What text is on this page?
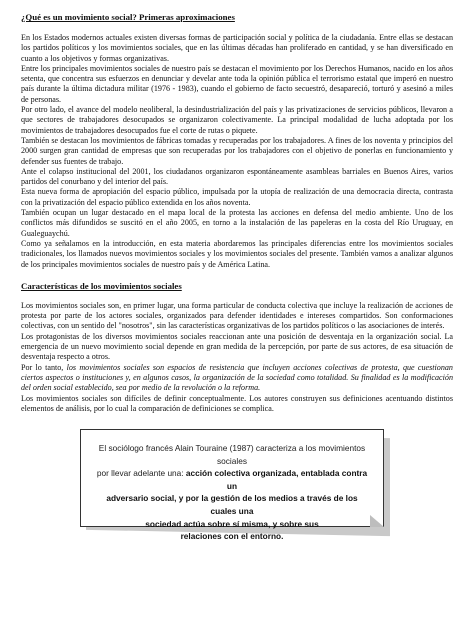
¿Qué es un movimiento social? Primeras aproximaciones

En los Estados modernos actuales existen diversas formas de participación social y política de la ciudadanía. Entre ellas se destacan los partidos políticos y los movimientos sociales, que en las últimas décadas han proliferado en cantidad, y se han diversificado en cuanto a los objetivos y formas organizativas.

Entre los principales movimientos sociales de nuestro país se destacan el movimiento por los Derechos Humanos, nacido en los años setenta, que concentra sus esfuerzos en denunciar y develar ante toda la opinión pública el terrorismo estatal que imperó en nuestro país durante la última dictadura militar (1976 - 1983), cuando el gobierno de facto secuestró, desapareció, torturó y asesinó a miles de personas.

Por otro lado, el avance del modelo neoliberal, la desindustrialización del país y las privatizaciones de servicios públicos, llevaron a que sectores de trabajadores desocupados se organizaron colectivamente. La principal modalidad de lucha adoptada por los movimientos de trabajadores desocupados fue el corte de rutas o piquete.

También se destacan los movimientos de fábricas tomadas y recuperadas por los trabajadores. A fines de los noventa y principios del 2000 surgen gran cantidad de empresas que son recuperadas por los trabajadores con el objetivo de ponerlas en funcionamiento y defender sus fuentes de trabajo.

Ante el colapso institucional del 2001, los ciudadanos organizaron espontáneamente asambleas barriales en Buenos Aires, varios partidos del conurbano y del interior del país.

Esta nueva forma de apropiación del espacio público, impulsada por la utopía de realización de una democracia directa, contrasta con la privatización del espacio público extendida en los años noventa.

También ocupan un lugar destacado en el mapa local de la protesta las acciones en defensa del medio ambiente. Uno de los conflictos más difundidos se suscitó en el año 2005, en torno a la instalación de las papeleras en la costa del Río Uruguay, en Gualeguaychú.

Como ya señalamos en la introducción, en esta materia abordaremos las principales diferencias entre los movimientos sociales tradicionales, los llamados nuevos movimientos sociales y los movimientos sociales del presente. También vamos a analizar algunos de los principales movimientos sociales de nuestro país y de América Latina.

Características de los movimientos sociales

Los movimientos sociales son, en primer lugar, una forma particular de conducta colectiva que incluye la realización de acciones de protesta por parte de los actores sociales, organizados para defender identidades e intereses compartidos. Son conformaciones colectivas, con un sentido del "nosotros", sin las características organizativas de los partidos políticos o las asociaciones de interés.

Los protagonistas de los diversos movimientos sociales reaccionan ante una posición de desventaja en la organización social. La emergencia de un nuevo movimiento social depende en gran medida de la percepción, por parte de sus actores, de esa situación de desventaja respecto a otros.

Por lo tanto, los movimientos sociales son espacios de resistencia que incluyen acciones colectivas de protesta, que cuestionan ciertos aspectos o instituciones y, en algunos casos, la organización de la sociedad como totalidad. Su finalidad es la modificación del orden social establecido, sea por medio de la revolución o la reforma.

Los movimientos sociales son difíciles de definir conceptualmente. Los autores construyen sus definiciones acentuando distintos elementos de análisis, por lo cual la comparación de definiciones se complica.

El sociólogo francés Alain Touraine (1987) caracteriza a los movimientos sociales
por llevar adelante una: acción colectiva organizada, entablada contra un
adversario social, y por la gestión de los medios a través de los cuales una
sociedad actúa sobre sí misma, y sobre sus
relaciones con el entorno.
